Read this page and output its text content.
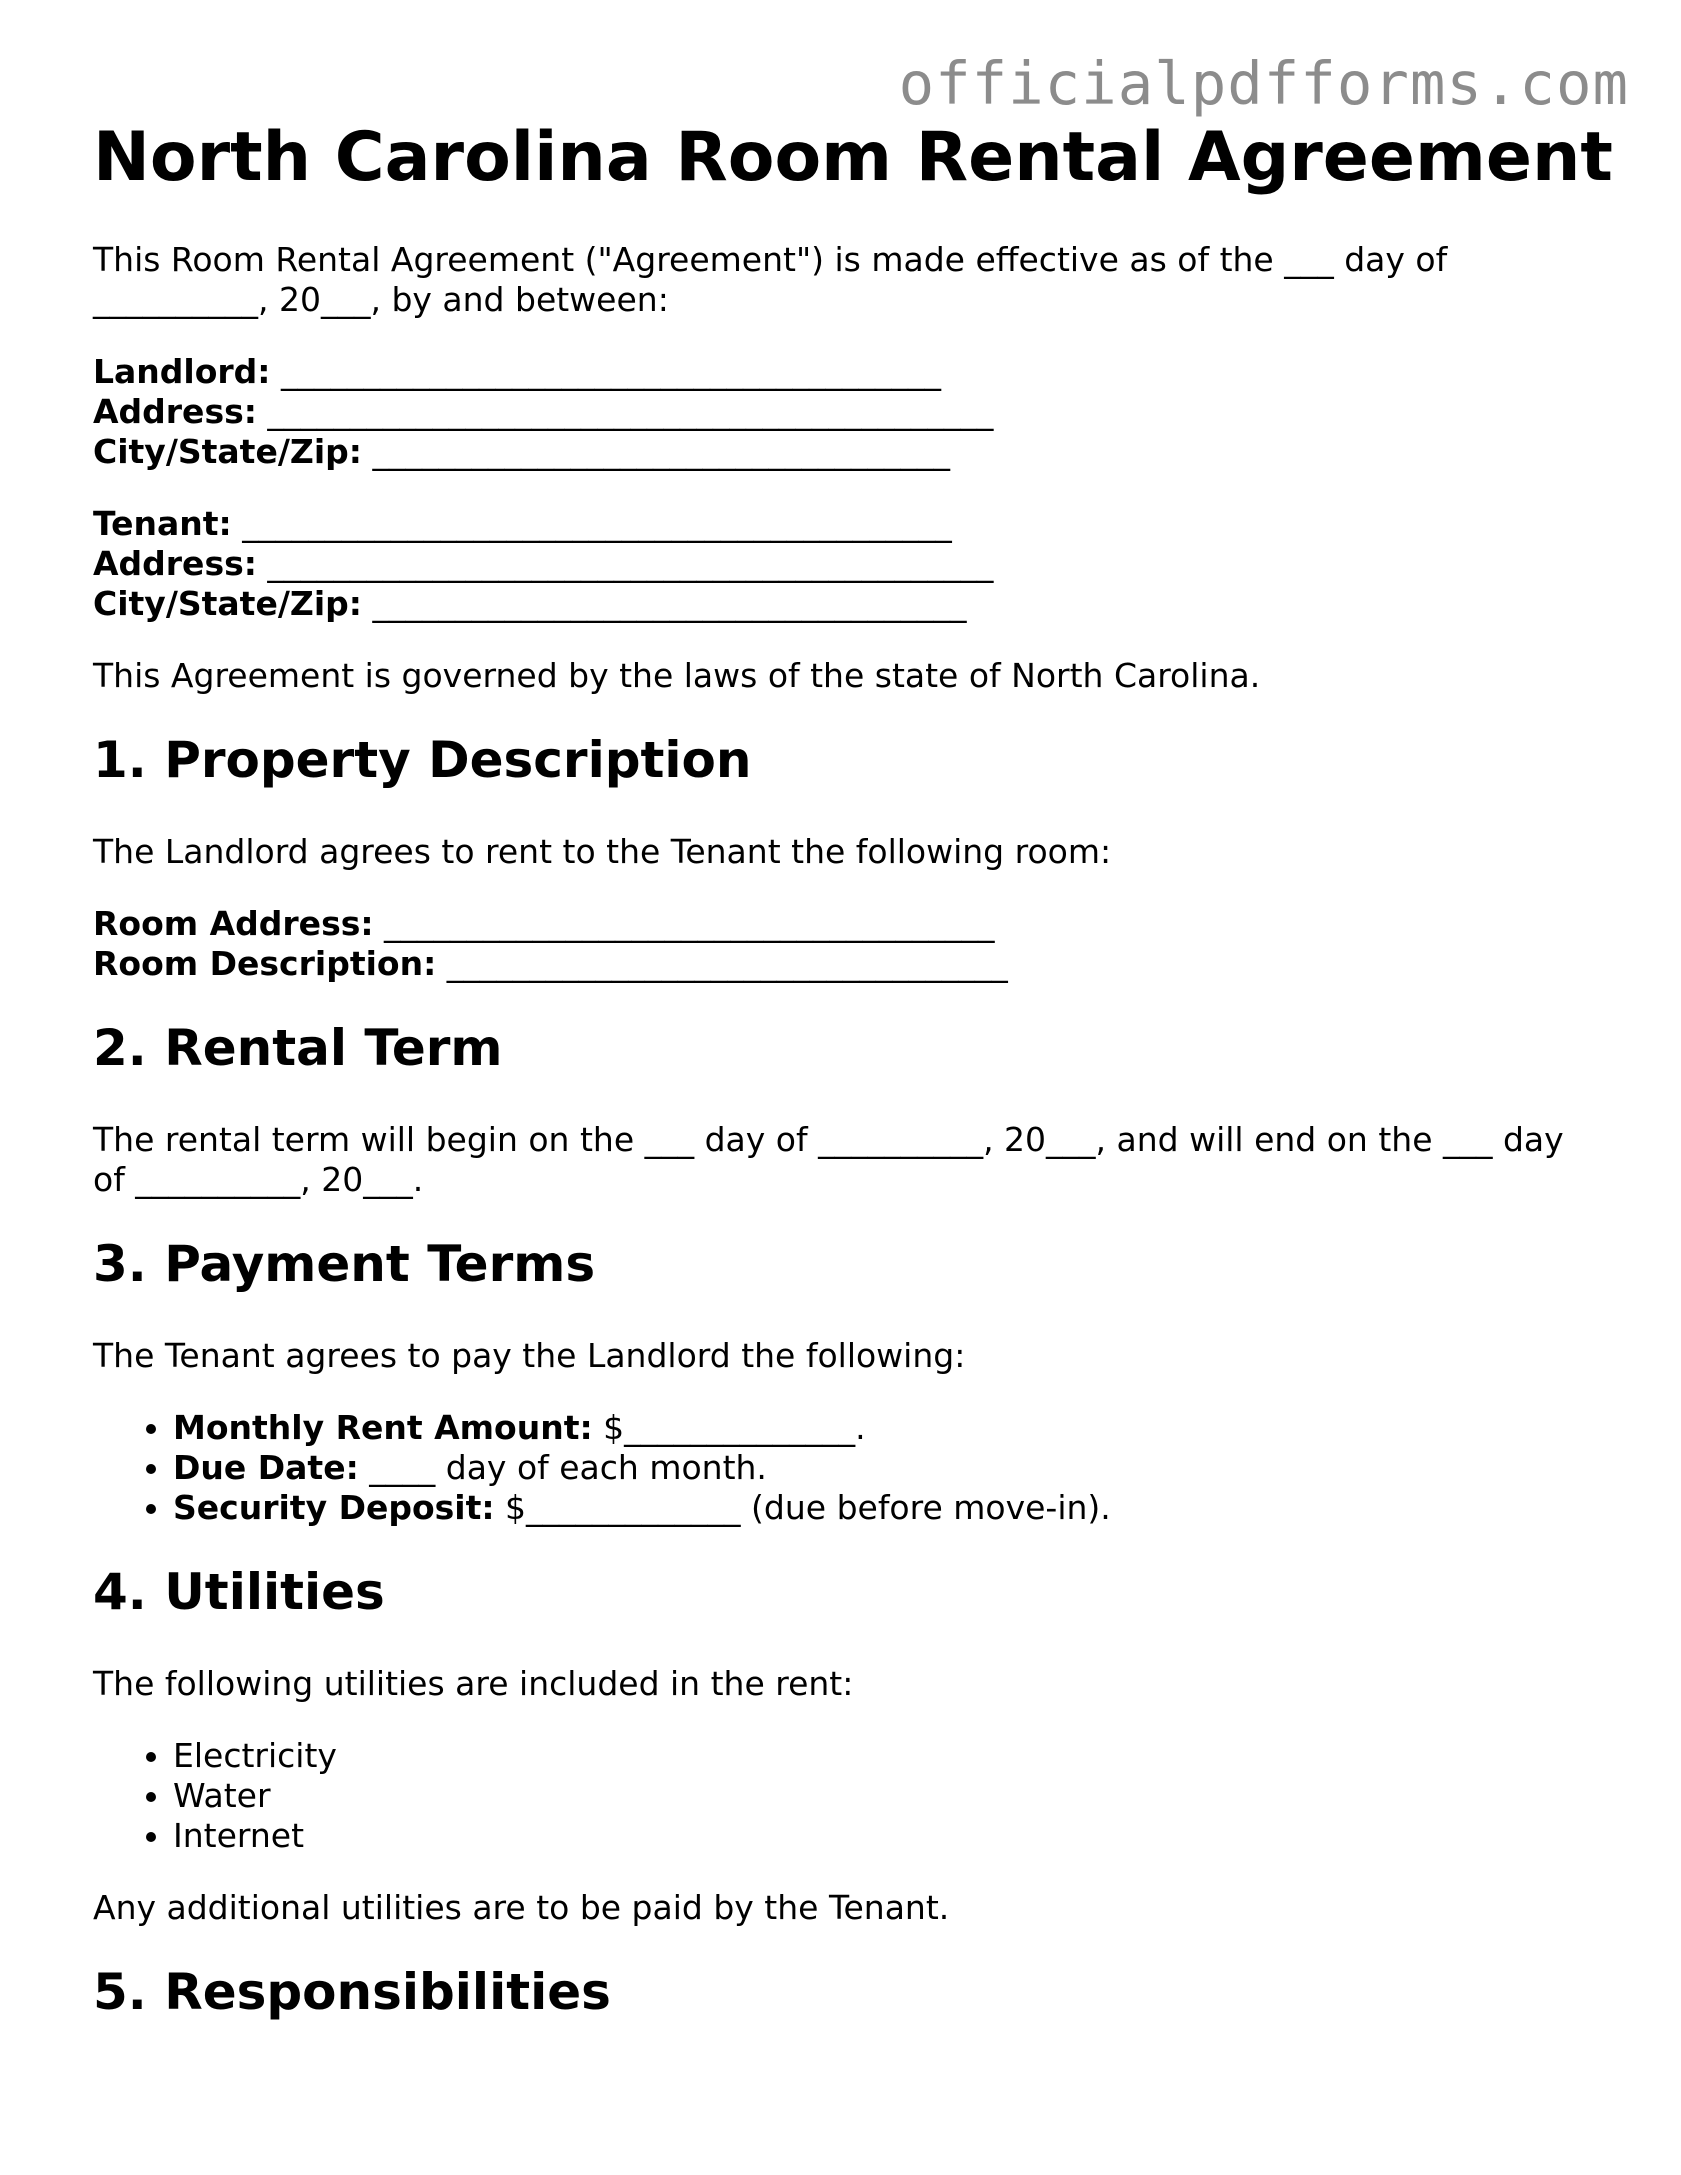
officialpdfforms.com
North Carolina Room Rental Agreement

This Room Rental Agreement ("Agreement") is made effective as of the ___ day of
__________, 20___, by and between:

Landlord: ________________________________________
Address: ____________________________________________
City/State/Zip: ___________________________________
Tenant: ___________________________________________
Address: ____________________________________________
City/State/Zip: ____________________________________

This Agreement is governed by the laws of the state of North Carolina.

1. Property Description

The Landlord agrees to rent to the Tenant the following room:

Room Address: _____________________________________
Room Description: __________________________________
2. Rental Term

The rental term will begin on the ___ day of __________, 20___, and will end on the ___ day
of __________, 20___.

3. Payment Terms

The Tenant agrees to pay the Landlord the following:

• Monthly Rent Amount: $______________.
• Due Date: ____ day of each month.
• Security Deposit: $_____________ (due before move-in).
4. Utilities

The following utilities are included in the rent:

• Electricity
• Water
• Internet

Any additional utilities are to be paid by the Tenant.

5. Responsibilities
